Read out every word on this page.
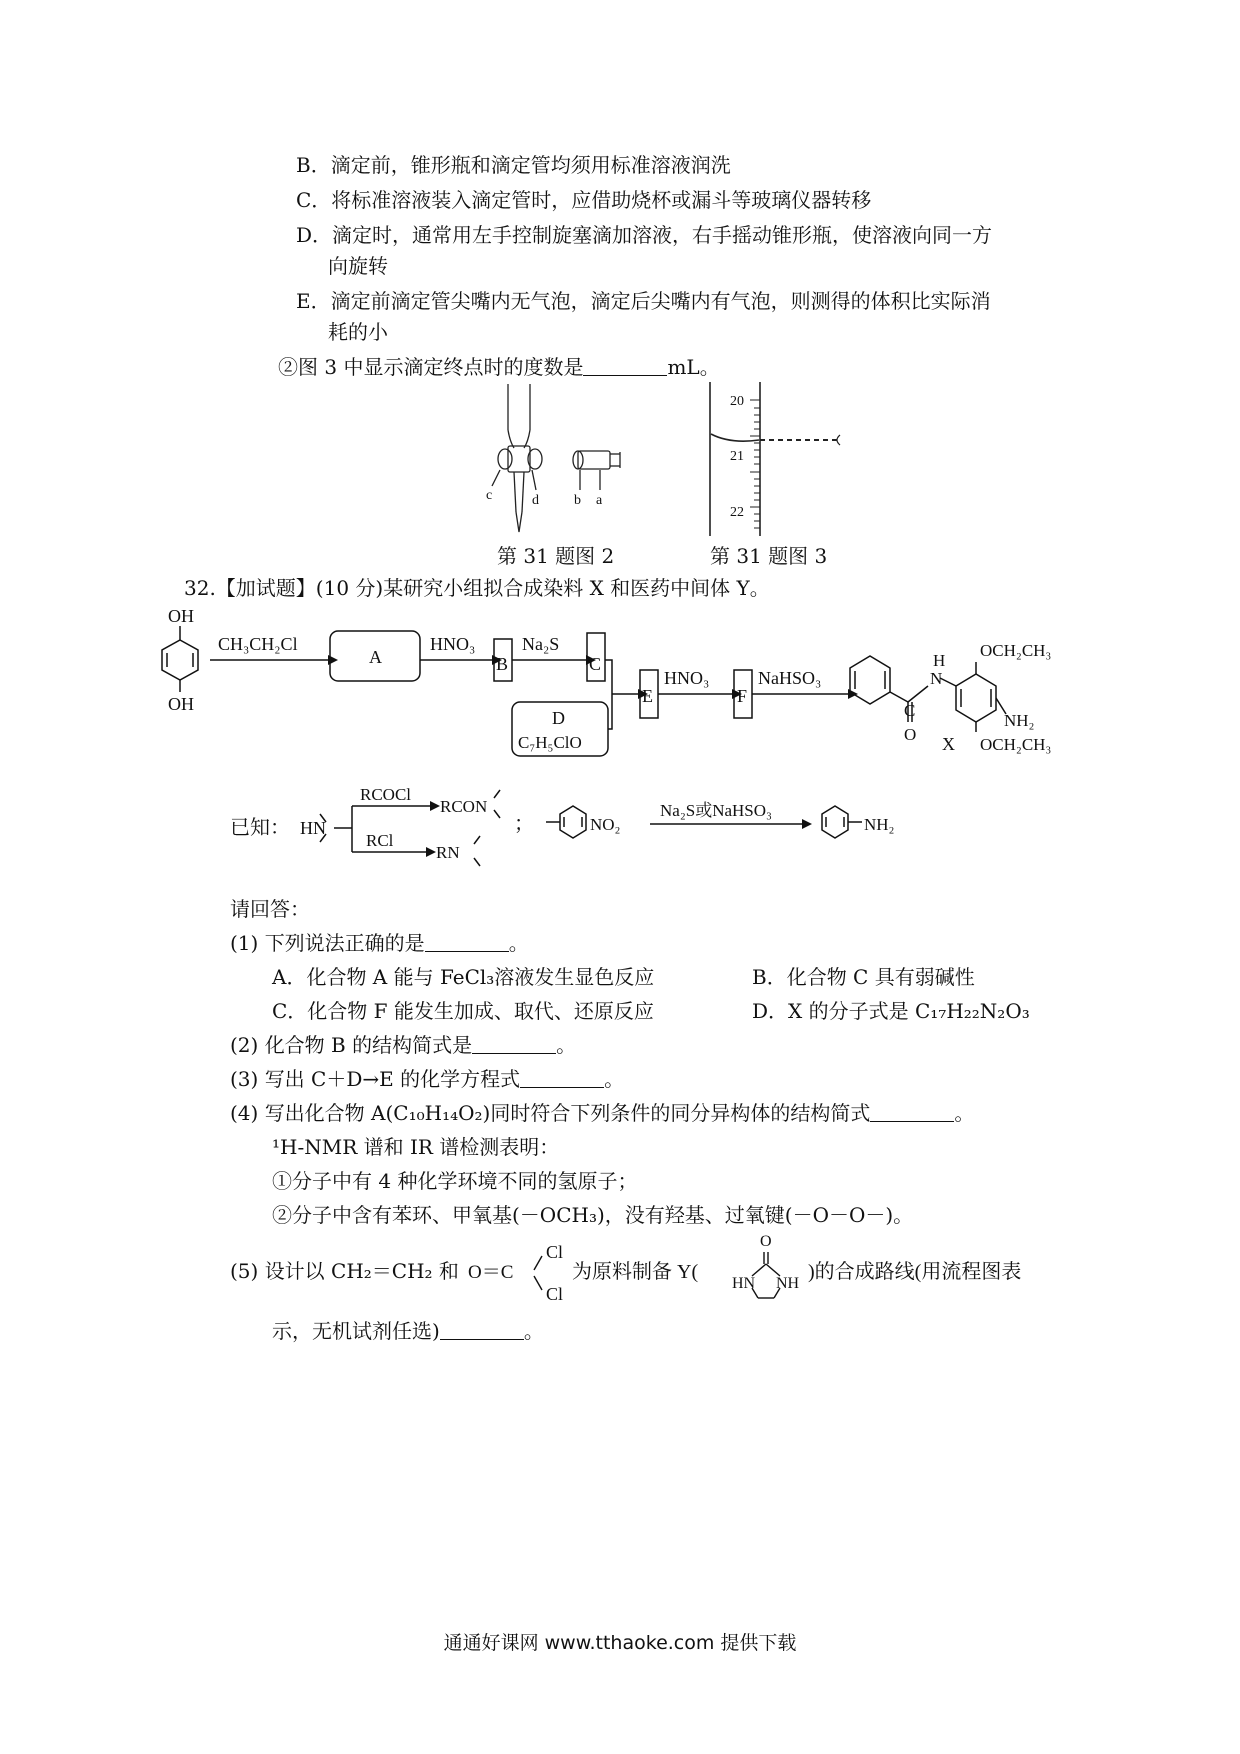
B．滴定前，锥形瓶和滴定管均须用标准溶液润洗
C．将标准溶液装入滴定管时，应借助烧杯或漏斗等玻璃仪器转移
D．滴定时，通常用左手控制旋塞滴加溶液，右手摇动锥形瓶，使溶液向同一方
向旋转
E．滴定前滴定管尖嘴内无气泡，滴定后尖嘴内有气泡，则测得的体积比实际消
耗的小
②图 3 中显示滴定终点时的度数是	mL。
c	d	b a
第 31 题图 2
20
21
22
第 31 题图 3
32.【加试题】(10 分)某研究小组拟合成染料 X 和医药中间体 Y。
OH
OH
CH₃CH₂Cl
A
HNO₃
B
Na₂S
C
D
C₇H₅ClO
E
HNO₃
F
NaHSO₃
H
N
C
O
OCH₂CH₃
NH₂
OCH₂CH₃
X
已知： HN
RCOCl
RCON
RCl
RN
；	NO₂
Na₂S或NaHSO₃
NH₂
请回答：
(1) 下列说法正确的是	。
A．化合物 A 能与 FeCl₃溶液发生显色反应	B．化合物 C 具有弱碱性
C．化合物 F 能发生加成、取代、还原反应	D．X 的分子式是 C₁₇H₂₂N₂O₃
(2) 化合物 B 的结构简式是	。
(3) 写出 C＋D→E 的化学方程式	。
(4) 写出化合物 A(C₁₀H₁₄O₂)同时符合下列条件的同分异构体的结构简式	。
¹H-NMR 谱和 IR 谱检测表明：
①分子中有 4 种化学环境不同的氢原子；
②分子中含有苯环、甲氧基(－OCH₃)，没有羟基、过氧键(－O－O－)。
(5) 设计以 CH₂＝CH₂ 和 O＝C
Cl
Cl
为原料制备 Y(
O
HN NH
)的合成路线(用流程图表
示，无机试剂任选)	。
通通好课网 www.tthaoke.com 提供下载
